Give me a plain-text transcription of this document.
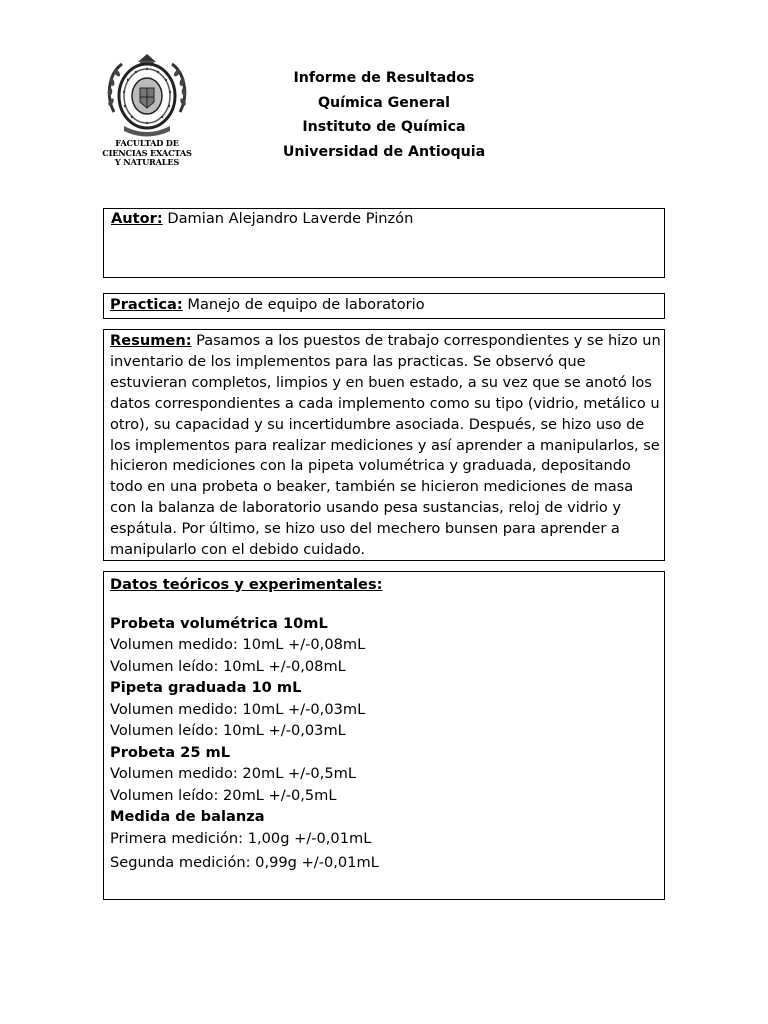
FACULTAD DE
CIENCIAS EXACTAS
Y NATURALES
Informe de Resultados
Química General
Instituto de Química
Universidad de Antioquia
Autor: Damian Alejandro Laverde Pinzón
Practica: Manejo de equipo de laboratorio
Resumen: Pasamos a los puestos de trabajo correspondientes y se hizo un inventario de los implementos para las practicas. Se observó que estuvieran completos, limpios y en buen estado, a su vez que se anotó los datos correspondientes a cada implemento como su tipo (vidrio, metálico u otro), su capacidad y su incertidumbre asociada. Después, se hizo uso de los implementos para realizar mediciones y así aprender a manipularlos, se hicieron mediciones con la pipeta volumétrica y graduada, depositando todo en una probeta o beaker, también se hicieron mediciones de masa con la balanza de laboratorio usando pesa sustancias, reloj de vidrio y espátula. Por último, se hizo uso del mechero bunsen para aprender a manipularlo con el debido cuidado.
Datos teóricos y experimentales:
Probeta volumétrica 10mL
Volumen medido: 10mL +/-0,08mL
Volumen leído: 10mL +/-0,08mL
Pipeta graduada 10 mL
Volumen medido: 10mL +/-0,03mL
Volumen leído: 10mL +/-0,03mL
Probeta 25 mL
Volumen medido: 20mL +/-0,5mL
Volumen leído: 20mL +/-0,5mL
Medida de balanza
Primera medición: 1,00g +/-0,01mL
Segunda medición: 0,99g +/-0,01mL
